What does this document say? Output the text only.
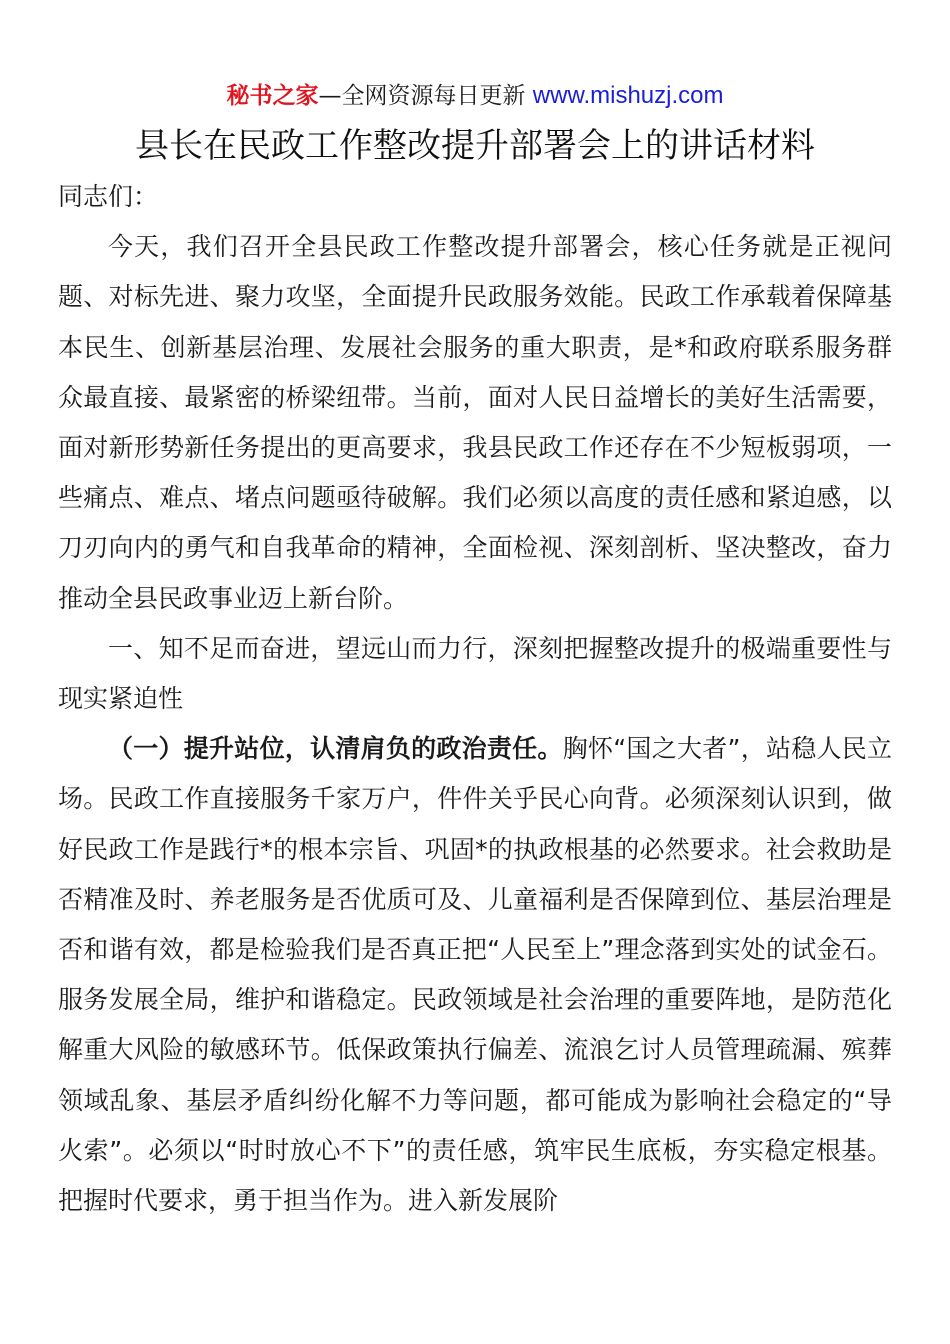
秘书之家—全网资源每日更新 www.mishuzj.com
县长在民政工作整改提升部署会上的讲话材料

同志们：

今天，我们召开全县民政工作整改提升部署会，核心任务就是正视问题、对标先进、聚力攻坚，全面提升民政服务效能。民政工作承载着保障基本民生、创新基层治理、发展社会服务的重大职责，是*和政府联系服务群众最直接、最紧密的桥梁纽带。当前，面对人民日益增长的美好生活需要，面对新形势新任务提出的更高要求，我县民政工作还存在不少短板弱项，一些痛点、难点、堵点问题亟待破解。我们必须以高度的责任感和紧迫感，以刀刃向内的勇气和自我革命的精神，全面检视、深刻剖析、坚决整改，奋力推动全县民政事业迈上新台阶。

一、知不足而奋进，望远山而力行，深刻把握整改提升的极端重要性与现实紧迫性

（一）提升站位，认清肩负的政治责任。胸怀“国之大者”，站稳人民立场。民政工作直接服务千家万户，件件关乎民心向背。必须深刻认识到，做好民政工作是践行*的根本宗旨、巩固*的执政根基的必然要求。社会救助是否精准及时、养老服务是否优质可及、儿童福利是否保障到位、基层治理是否和谐有效，都是检验我们是否真正把“人民至上”理念落到实处的试金石。服务发展全局，维护和谐稳定。民政领域是社会治理的重要阵地，是防范化解重大风险的敏感环节。低保政策执行偏差、流浪乞讨人员管理疏漏、殡葬领域乱象、基层矛盾纠纷化解不力等问题，都可能成为影响社会稳定的“导火索”。必须以“时时放心不下”的责任感，筑牢民生底板，夯实稳定根基。把握时代要求，勇于担当作为。进入新发展阶
